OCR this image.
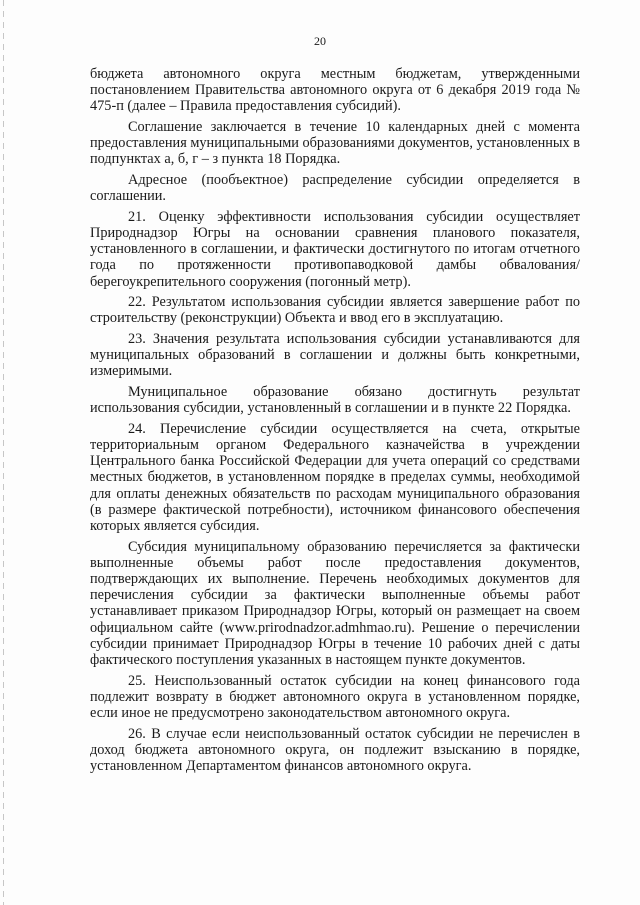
20

бюджета автономного округа местным бюджетам, утвержденными постановлением Правительства автономного округа от 6 декабря 2019 года № 475-п (далее – Правила предоставления субсидий).

Соглашение заключается в течение 10 календарных дней с момента предоставления муниципальными образованиями документов, установленных в подпунктах а, б, г – з пункта 18 Порядка.

Адресное (пообъектное) распределение субсидии определяется в соглашении.

21. Оценку эффективности использования субсидии осуществляет Природнадзор Югры на основании сравнения планового показателя, установленного в соглашении, и фактически достигнутого по итогам отчетного года по протяженности противопаводковой дамбы обвалования/ берегоукрепительного сооружения (погонный метр).

22. Результатом использования субсидии является завершение работ по строительству (реконструкции) Объекта и ввод его в эксплуатацию.

23. Значения результата использования субсидии устанавливаются для муниципальных образований в соглашении и должны быть конкретными, измеримыми.

Муниципальное образование обязано достигнуть результат использования субсидии, установленный в соглашении и в пункте 22 Порядка.

24. Перечисление субсидии осуществляется на счета, открытые территориальным органом Федерального казначейства в учреждении Центрального банка Российской Федерации для учета операций со средствами местных бюджетов, в установленном порядке в пределах суммы, необходимой для оплаты денежных обязательств по расходам муниципального образования (в размере фактической потребности), источником финансового обеспечения которых является субсидия.

Субсидия муниципальному образованию перечисляется за фактически выполненные объемы работ после предоставления документов, подтверждающих их выполнение. Перечень необходимых документов для перечисления субсидии за фактически выполненные объемы работ устанавливает приказом Природнадзор Югры, который он размещает на своем официальном сайте (www.prirodnadzor.admhmao.ru). Решение о перечислении субсидии принимает Природнадзор Югры в течение 10 рабочих дней с даты фактического поступления указанных в настоящем пункте документов.

25. Неиспользованный остаток субсидии на конец финансового года подлежит возврату в бюджет автономного округа в установленном порядке, если иное не предусмотрено законодательством автономного округа.

26. В случае если неиспользованный остаток субсидии не перечислен в доход бюджета автономного округа, он подлежит взысканию в порядке, установленном Департаментом финансов автономного округа.
